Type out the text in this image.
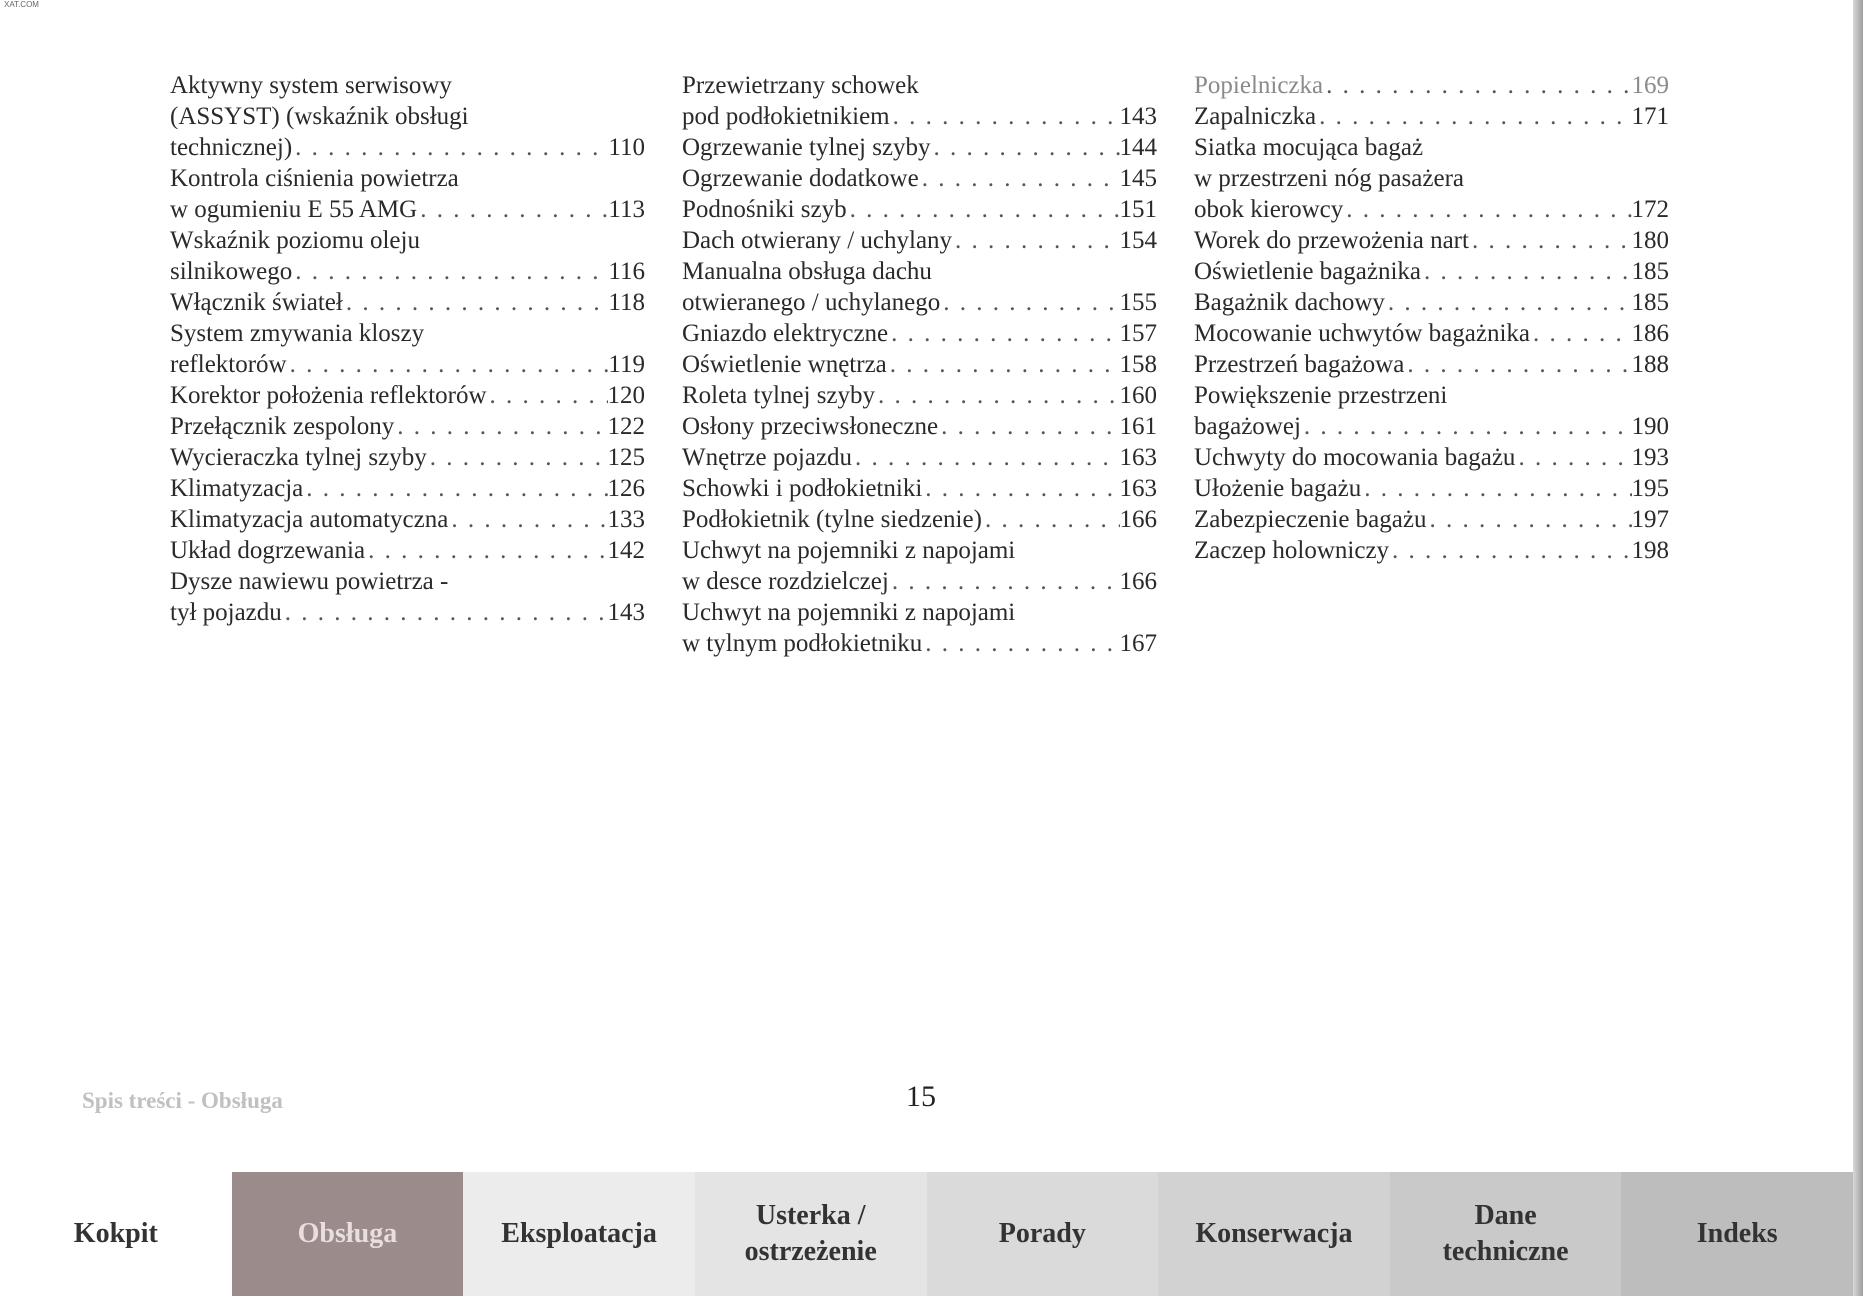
XAT.COM
Aktywny system serwisowy
(ASSYST) (wskaźnik obsługi
technicznej) . . .	110
Kontrola ciśnienia powietrza
w ogumieniu E 55 AMG . . .	113
Wskaźnik poziomu oleju
silnikowego . . .	116
Włącznik świateł . . .	118
System zmywania kloszy
reflektorów . . .	119
Korektor położenia reflektorów . . .	120
Przełącznik zespolony . . .	122
Wycieraczka tylnej szyby . . .	125
Klimatyzacja . . .	126
Klimatyzacja automatyczna . . .	133
Układ dogrzewania . . .	142
Dysze nawiewu powietrza -
tył pojazdu . . .	143
Przewietrzany schowek
pod podłokietnikiem . . .	143
Ogrzewanie tylnej szyby . . .	144
Ogrzewanie dodatkowe . . .	145
Podnośniki szyb . . .	151
Dach otwierany / uchylany . . .	154
Manualna obsługa dachu
otwieranego / uchylanego . . .	155
Gniazdo elektryczne . . .	157
Oświetlenie wnętrza . . .	158
Roleta tylnej szyby . . .	160
Osłony przeciwsłoneczne . . .	161
Wnętrze pojazdu . . .	163
Schowki i podłokietniki . . .	163
Podłokietnik (tylne siedzenie) . . .	166
Uchwyt na pojemniki z napojami
w desce rozdzielczej . . .	166
Uchwyt na pojemniki z napojami
w tylnym podłokietniku . . .	167
Popielniczka . . .	169
Zapalniczka . . .	171
Siatka mocująca bagaż
w przestrzeni nóg pasażera
obok kierowcy . . .	172
Worek do przewożenia nart . . .	180
Oświetlenie bagażnika . . .	185
Bagażnik dachowy . . .	185
Mocowanie uchwytów bagażnika . . .	186
Przestrzeń bagażowa . . .	188
Powiększenie przestrzeni
bagażowej . . .	190
Uchwyty do mocowania bagażu . . .	193
Ułożenie bagażu . . .	195
Zabezpieczenie bagażu . . .	197
Zaczep holowniczy . . .	198
Spis treści - Obsługa	15
Kokpit	Obsługa	Eksploatacja
Usterka /
ostrzeżenie
Porady	Konserwacja
Dane
techniczne
Indeks
